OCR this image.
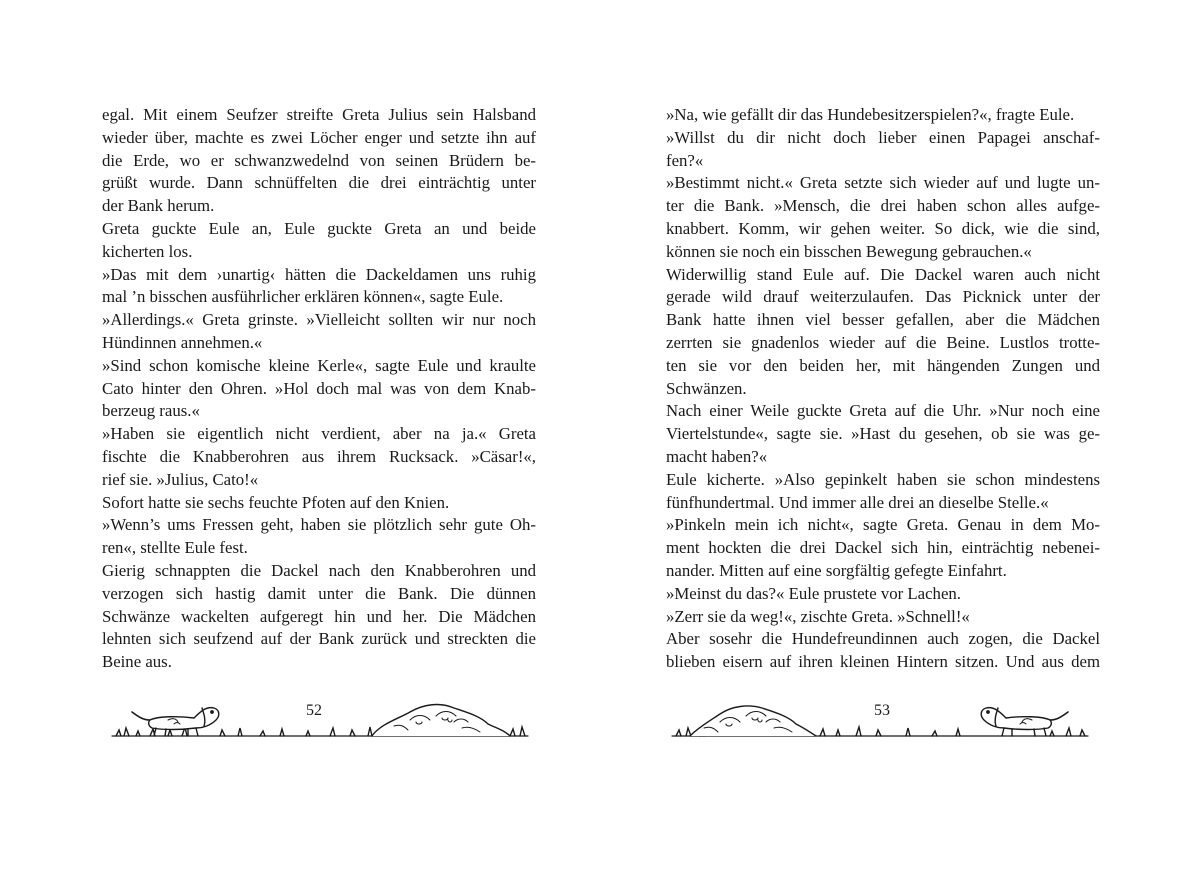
egal. Mit einem Seufzer streifte Greta Julius sein Halsband
wieder über, machte es zwei Löcher enger und setzte ihn auf
die Erde, wo er schwanzwedelnd von seinen Brüdern be-
grüßt wurde. Dann schnüffelten die drei einträchtig unter
der Bank herum.
Greta guckte Eule an, Eule guckte Greta an und beide
kicherten los.
»Das mit dem ›unartig‹ hätten die Dackeldamen uns ruhig
mal ’n bisschen ausführlicher erklären können«, sagte Eule.
»Allerdings.« Greta grinste. »Vielleicht sollten wir nur noch
Hündinnen annehmen.«
»Sind schon komische kleine Kerle«, sagte Eule und kraulte
Cato hinter den Ohren. »Hol doch mal was von dem Knab-
berzeug raus.«
»Haben sie eigentlich nicht verdient, aber na ja.« Greta
fischte die Knabberohren aus ihrem Rucksack. »Cäsar!«,
rief sie. »Julius, Cato!«
Sofort hatte sie sechs feuchte Pfoten auf den Knien.
»Wenn’s ums Fressen geht, haben sie plötzlich sehr gute Oh-
ren«, stellte Eule fest.
Gierig schnappten die Dackel nach den Knabberohren und
verzogen sich hastig damit unter die Bank. Die dünnen
Schwänze wackelten aufgeregt hin und her. Die Mädchen
lehnten sich seufzend auf der Bank zurück und streckten die
Beine aus.
52
»Na, wie gefällt dir das Hundebesitzerspielen?«, fragte Eule.
»Willst du dir nicht doch lieber einen Papagei anschaf-
fen?«
»Bestimmt nicht.« Greta setzte sich wieder auf und lugte un-
ter die Bank. »Mensch, die drei haben schon alles aufge-
knabbert. Komm, wir gehen weiter. So dick, wie die sind,
können sie noch ein bisschen Bewegung gebrauchen.«
Widerwillig stand Eule auf. Die Dackel waren auch nicht
gerade wild drauf weiterzulaufen. Das Picknick unter der
Bank hatte ihnen viel besser gefallen, aber die Mädchen
zerrten sie gnadenlos wieder auf die Beine. Lustlos trotte-
ten sie vor den beiden her, mit hängenden Zungen und
Schwänzen.
Nach einer Weile guckte Greta auf die Uhr. »Nur noch eine
Viertelstunde«, sagte sie. »Hast du gesehen, ob sie was ge-
macht haben?«
Eule kicherte. »Also gepinkelt haben sie schon mindestens
fünfhundertmal. Und immer alle drei an dieselbe Stelle.«
»Pinkeln mein ich nicht«, sagte Greta. Genau in dem Mo-
ment hockten die drei Dackel sich hin, einträchtig nebenei-
nander. Mitten auf eine sorgfältig gefegte Einfahrt.
»Meinst du das?« Eule prustete vor Lachen.
»Zerr sie da weg!«, zischte Greta. »Schnell!«
Aber sosehr die Hundefreundinnen auch zogen, die Dackel
blieben eisern auf ihren kleinen Hintern sitzen. Und aus dem
53
